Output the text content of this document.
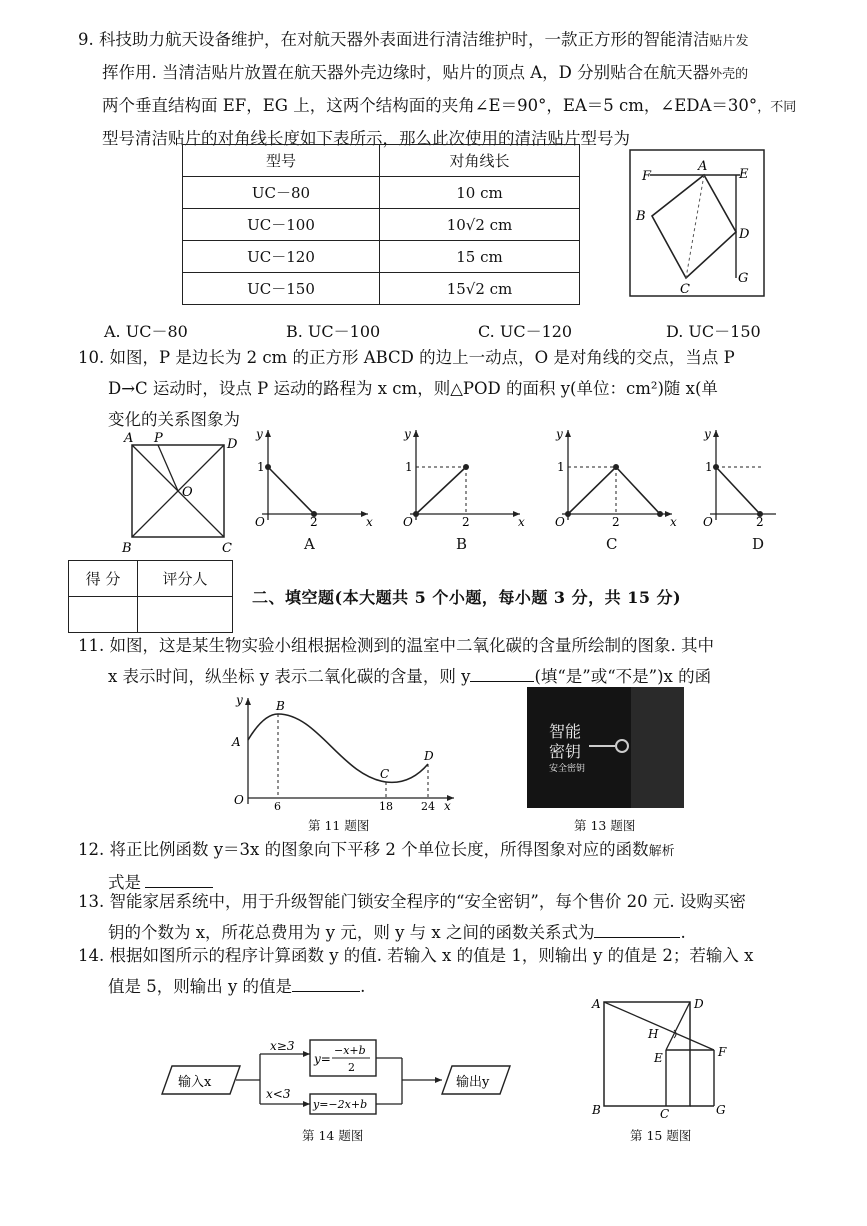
9. 科技助力航天设备维护，在对航天器外表面进行清洁维护时，一款正方形的智能清洁贴片发
挥作用. 当清洁贴片放置在航天器外壳边缘时，贴片的顶点 A，D 分别贴合在航天器外壳的
两个垂直结构面 EF，EG 上，这两个结构面的夹角∠E＝90°，EA＝5 cm，∠EDA＝30°，不同
型号清洁贴片的对角线长度如下表所示，那么此次使用的清洁贴片型号为
型号	对角线长
UC－80	10 cm
UC－100	10√2 cm
UC－120	15 cm
UC－150	15√2 cm
F
A
E
B
D
C
G
A. UC－80	B. UC－100	C. UC－120	D. UC－150
10. 如图，P 是边长为 2 cm 的正方形 ABCD 的边上一动点，O 是对角线的交点，当点 P
D→C 运动时，设点 P 运动的路程为 x cm，则△POD 的面积 y(单位：cm²)随 x(单
变化的关系图象为
A P	D
O
B	C
y
1
O	2	x
A
y
1
O	2	x
B
y
1
O	2	x
C
y
1
O	2
D
得 分	评分人

二、填空题(本大题共 5 个小题，每小题 3 分，共 15 分)
11. 如图，这是某生物实验小组根据检测到的温室中二氧化碳的含量所绘制的图象. 其中
x 表示时间，纵坐标 y 表示二氧化碳的含量，则 y	(填“是”或“不是”)x 的函
y
A
B
C
D
O	6	18	24 x
第 11 题图
智能
密钥
安全密钥
第 13 题图
12. 将正比例函数 y＝3x 的图象向下平移 2 个单位长度，所得图象对应的函数解析
式是
13. 智能家居系统中，用于升级智能门锁安全程序的“安全密钥”，每个售价 20 元. 设购买密
钥的个数为 x，所花总费用为 y 元，则 y 与 x 之间的函数关系式为	.
14. 根据如图所示的程序计算函数 y 的值. 若输入 x 的值是 1，则输出 y 的值是 2；若输入 x
值是 5，则输出 y 的值是	.
输入x
x≥3
x<3
y=
−x+b
2
y=−2x+b
输出y
第 14 题图
A	D
H
E	F
B	C	G
第 15 题图
